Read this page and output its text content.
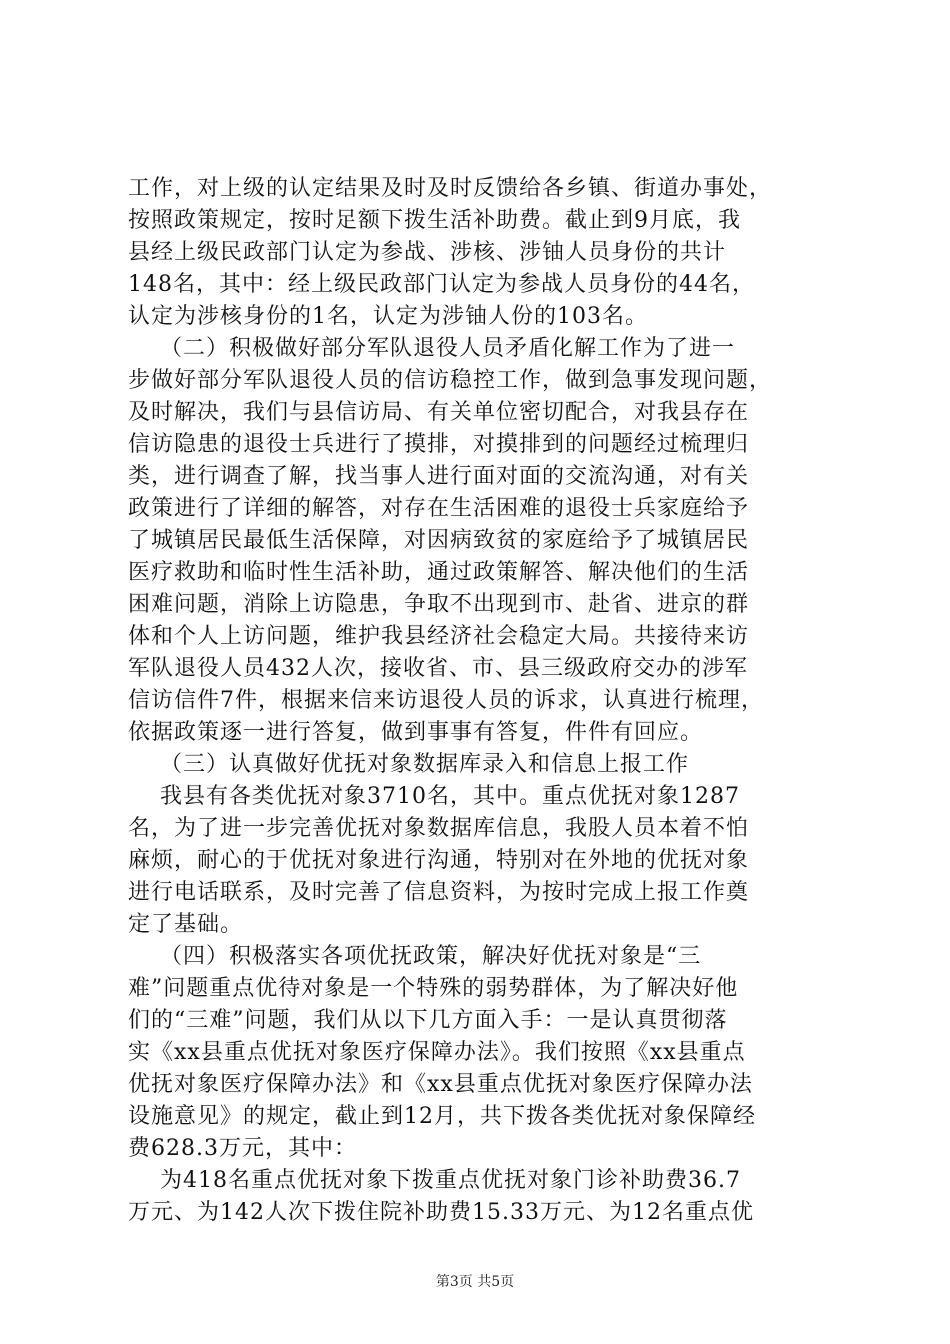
工作，对上级的认定结果及时及时反馈给各乡镇、街道办事处，
按照政策规定，按时足额下拨生活补助费。截止到9月底，我
县经上级民政部门认定为参战、涉核、涉铀人员身份的共计
148名，其中：经上级民政部门认定为参战人员身份的44名，
认定为涉核身份的1名，认定为涉铀人份的103名。
（二）积极做好部分军队退役人员矛盾化解工作为了进一
步做好部分军队退役人员的信访稳控工作，做到急事发现问题，
及时解决，我们与县信访局、有关单位密切配合，对我县存在
信访隐患的退役士兵进行了摸排，对摸排到的问题经过梳理归
类，进行调查了解，找当事人进行面对面的交流沟通，对有关
政策进行了详细的解答，对存在生活困难的退役士兵家庭给予
了城镇居民最低生活保障，对因病致贫的家庭给予了城镇居民
医疗救助和临时性生活补助，通过政策解答、解决他们的生活
困难问题，消除上访隐患，争取不出现到市、赴省、进京的群
体和个人上访问题，维护我县经济社会稳定大局。共接待来访
军队退役人员432人次，接收省、市、县三级政府交办的涉军
信访信件7件，根据来信来访退役人员的诉求，认真进行梳理，
依据政策逐一进行答复，做到事事有答复，件件有回应。
（三）认真做好优抚对象数据库录入和信息上报工作
我县有各类优抚对象3710名，其中。重点优抚对象1287
名，为了进一步完善优抚对象数据库信息，我股人员本着不怕
麻烦，耐心的于优抚对象进行沟通，特别对在外地的优抚对象
进行电话联系，及时完善了信息资料，为按时完成上报工作奠
定了基础。
（四）积极落实各项优抚政策，解决好优抚对象是“三
难”问题重点优待对象是一个特殊的弱势群体，为了解决好他
们的“三难”问题，我们从以下几方面入手：一是认真贯彻落
实《xx县重点优抚对象医疗保障办法》。我们按照《xx县重点
优抚对象医疗保障办法》和《xx县重点优抚对象医疗保障办法
设施意见》的规定，截止到12月，共下拨各类优抚对象保障经
费628.3万元，其中：
为418名重点优抚对象下拨重点优抚对象门诊补助费36.7
万元、为142人次下拨住院补助费15.33万元、为12名重点优
第3页 共5页
